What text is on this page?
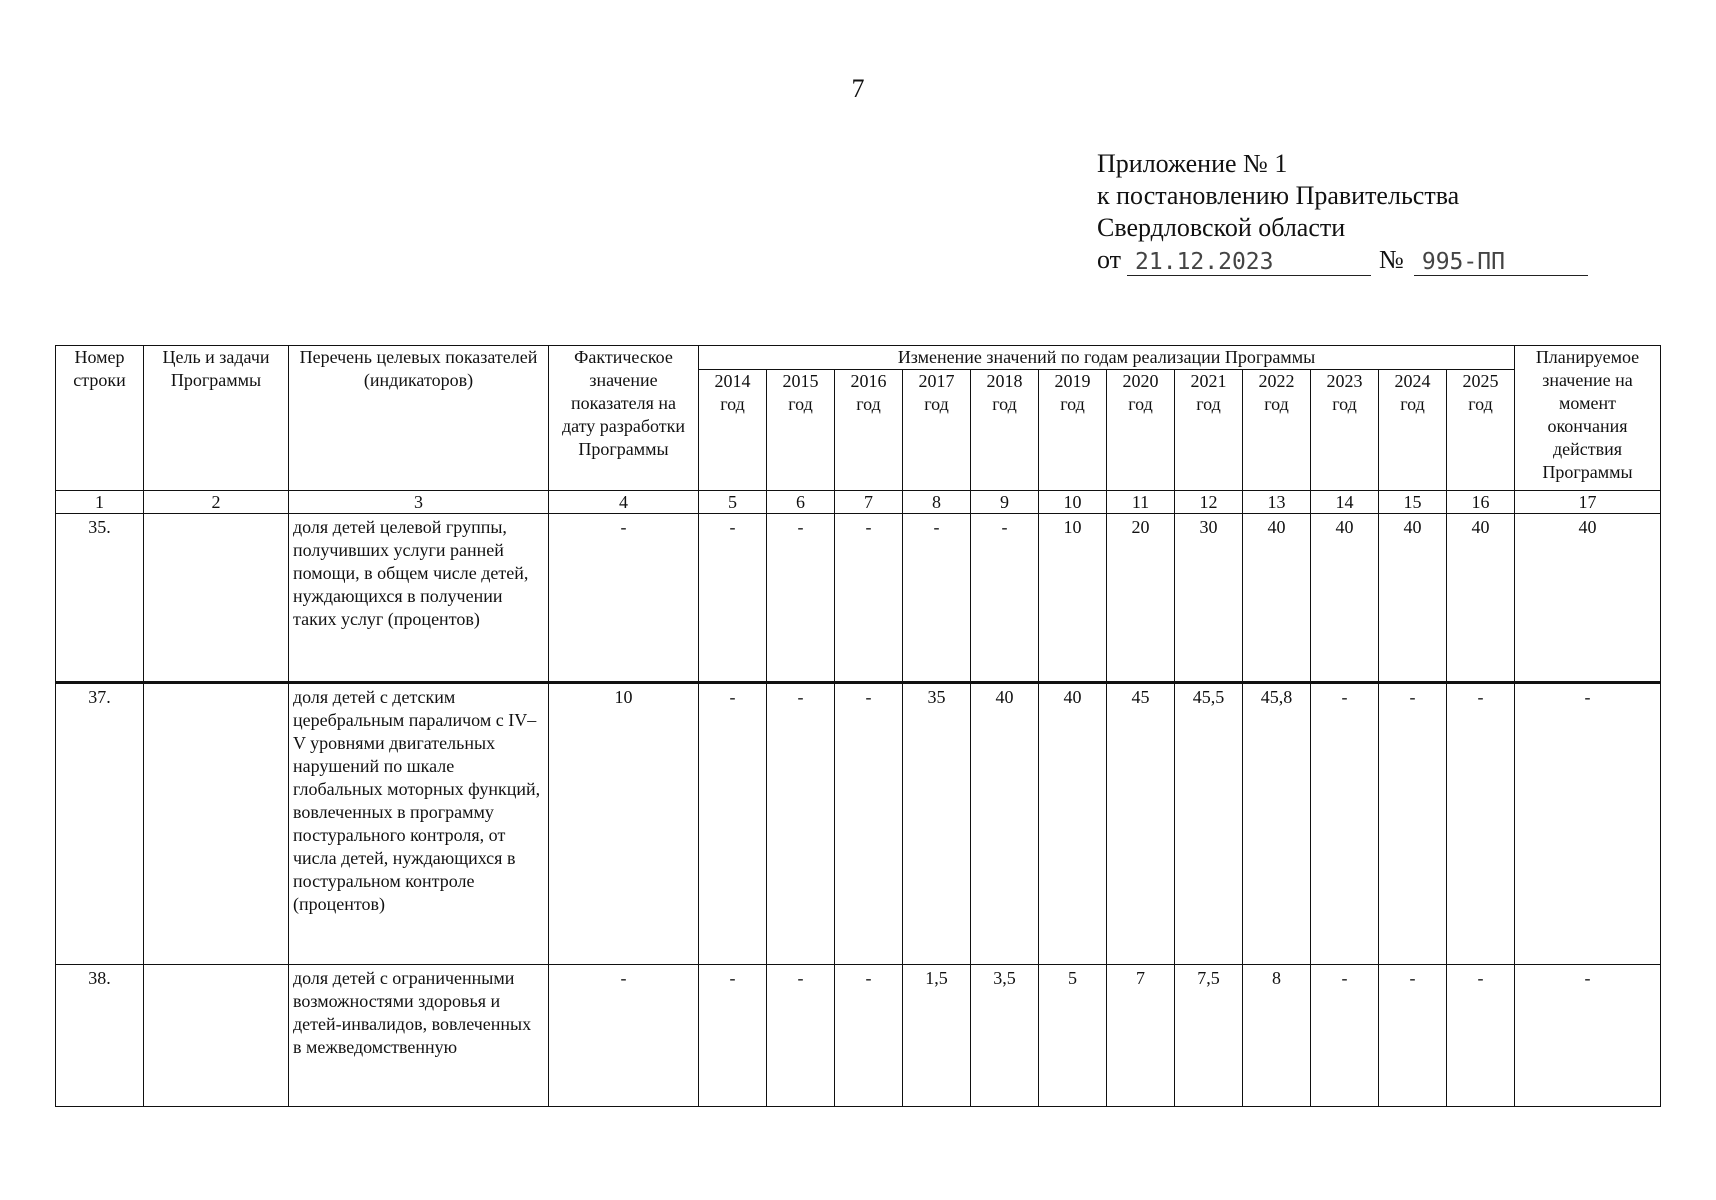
7
Приложение № 1
к постановлению Правительства
Свердловской области
от 21.12.2023	№ 995-ПП
Номер строки	Цель и задачи Программы	Перечень целевых показателей (индикаторов)	Фактическое значение показателя на дату разработки Программы	Изменение значений по годам реализации Программы												Планируемое значение на момент окончания действия Программы
				2014 год	2015 год	2016 год	2017 год	2018 год	2019 год	2020 год	2021 год	2022 год	2023 год	2024 год	2025 год	
1	2	3	4	5	6	7	8	9	10	11	12	13	14	15	16	17
35.		доля детей целевой группы, получивших услуги ранней помощи, в общем числе детей, нуждающихся в получении таких услуг (процентов)	-	-	-	-	-	-	10	20	30	40	40	40	40	40
37.		доля детей с детским церебральным параличом с IV–V уровнями двигательных нарушений по шкале глобальных моторных функций, вовлеченных в программу постурального контроля, от числа детей, нуждающихся в постуральном контроле (процентов)	10	-	-	-	35	40	40	45	45,5	45,8	-	-	-	-
38.		доля детей с ограниченными возможностями здоровья и детей-инвалидов, вовлеченных в межведомственную	-	-	-	-	1,5	3,5	5	7	7,5	8	-	-	-	-
